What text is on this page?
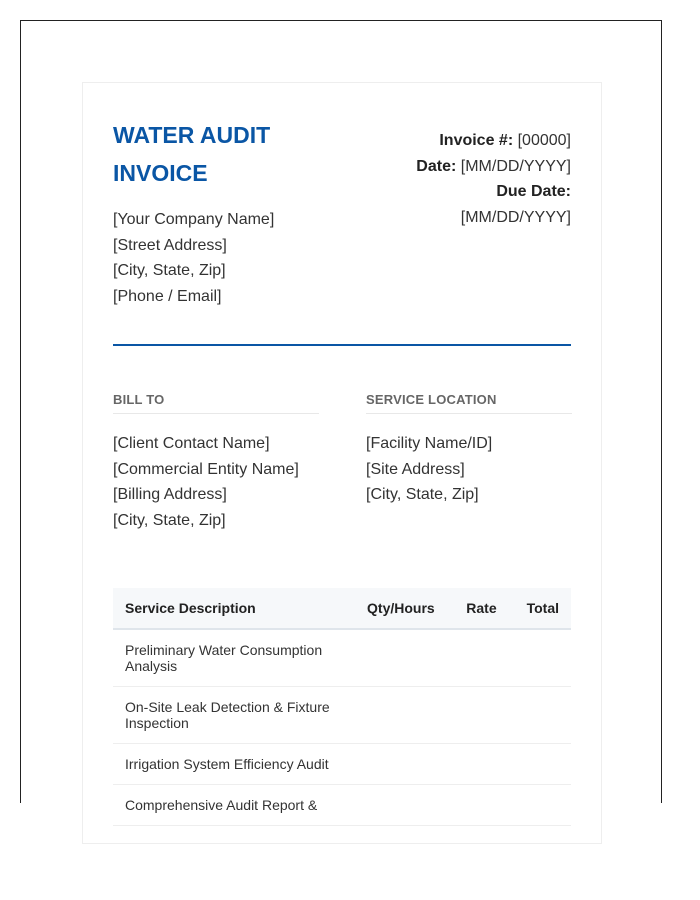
WATER AUDIT
INVOICE
[Your Company Name]
[Street Address]
[City, State, Zip]
[Phone / Email]
Invoice #: [00000]
Date: [MM/DD/YYYY]
Due Date:
[MM/DD/YYYY]
BILL TO
[Client Contact Name]
[Commercial Entity Name]
[Billing Address]
[City, State, Zip]
SERVICE LOCATION
[Facility Name/ID]
[Site Address]
[City, State, Zip]
Service Description	Qty/Hours	Rate	Total
Preliminary Water Consumption Analysis			
On-Site Leak Detection & Fixture Inspection			
Irrigation System Efficiency Audit			
Comprehensive Audit Report &			
